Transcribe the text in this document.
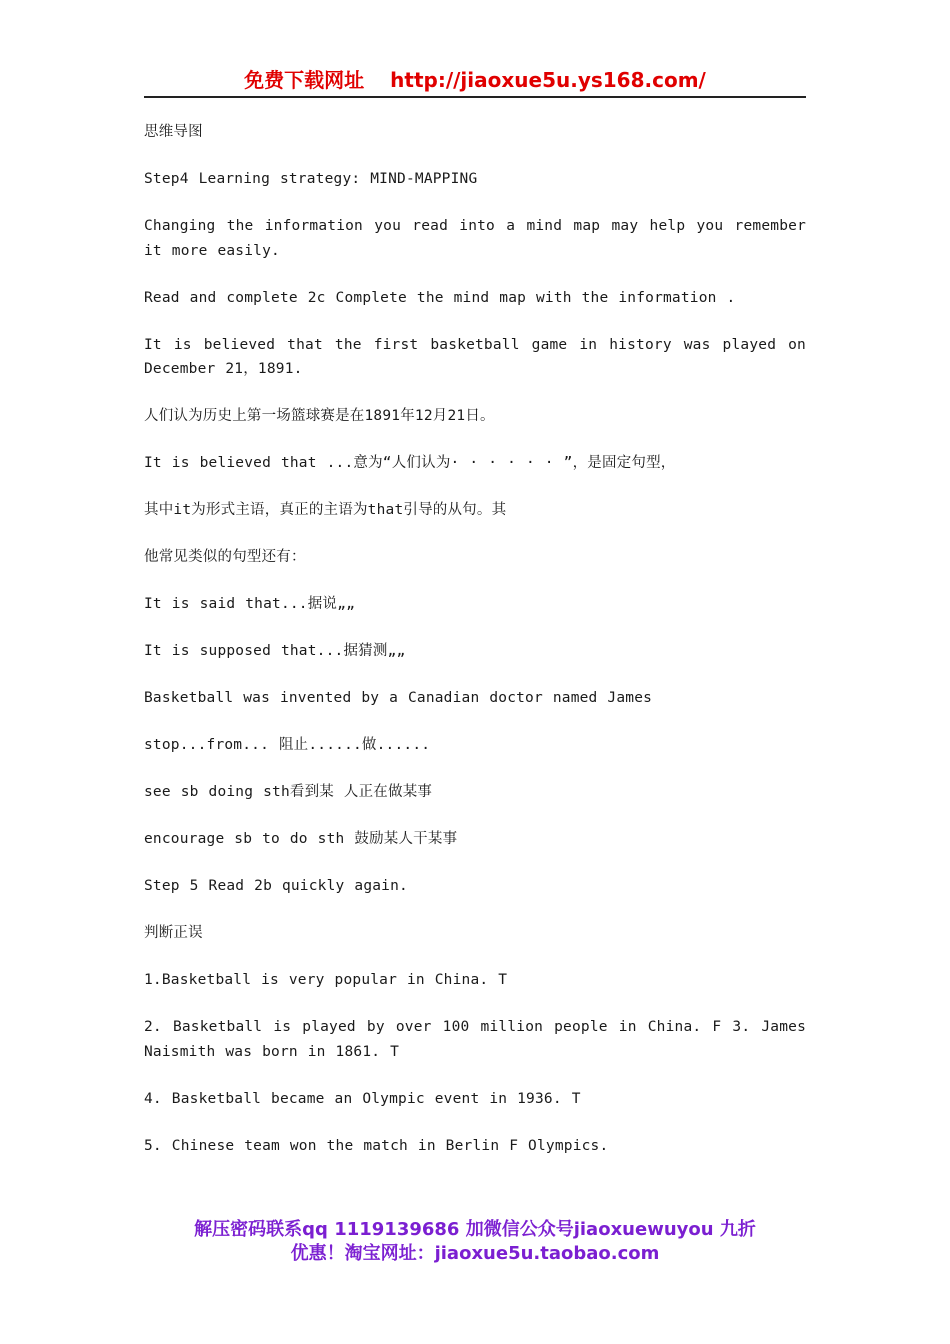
免费下载网址 http://jiaoxue5u.ys168.com/

思维导图

Step4 Learning strategy: MIND-MAPPING

Changing the information you read into a mind map may help you remember it more easily.

Read and complete 2c Complete the mind map with the information .

It is believed that the first basketball game in history was played on December 21，1891.

人们认为历史上第一场篮球赛是在1891年12月21日。

It is believed that ...意为“人们认为· · · · · · ”，是固定句型，

其中it为形式主语，真正的主语为that引导的从句。其

他常见类似的句型还有：

It is said that...据说„„

It is supposed that...据猜测„„

Basketball was invented by a Canadian doctor named James

stop...from... 阻止......做......

see sb doing sth看到某 人正在做某事

encourage sb to do sth 鼓励某人干某事

Step 5 Read 2b quickly again.

判断正误

1.Basketball is very popular in China. T

2. Basketball is played by over 100 million people in China. F 3. James Naismith was born in 1861. T

4. Basketball became an Olympic event in 1936. T

5. Chinese team won the match in Berlin F Olympics.

解压密码联系qq 1119139686 加微信公众号jiaoxuewuyou 九折
优惠！淘宝网址：jiaoxue5u.taobao.com
